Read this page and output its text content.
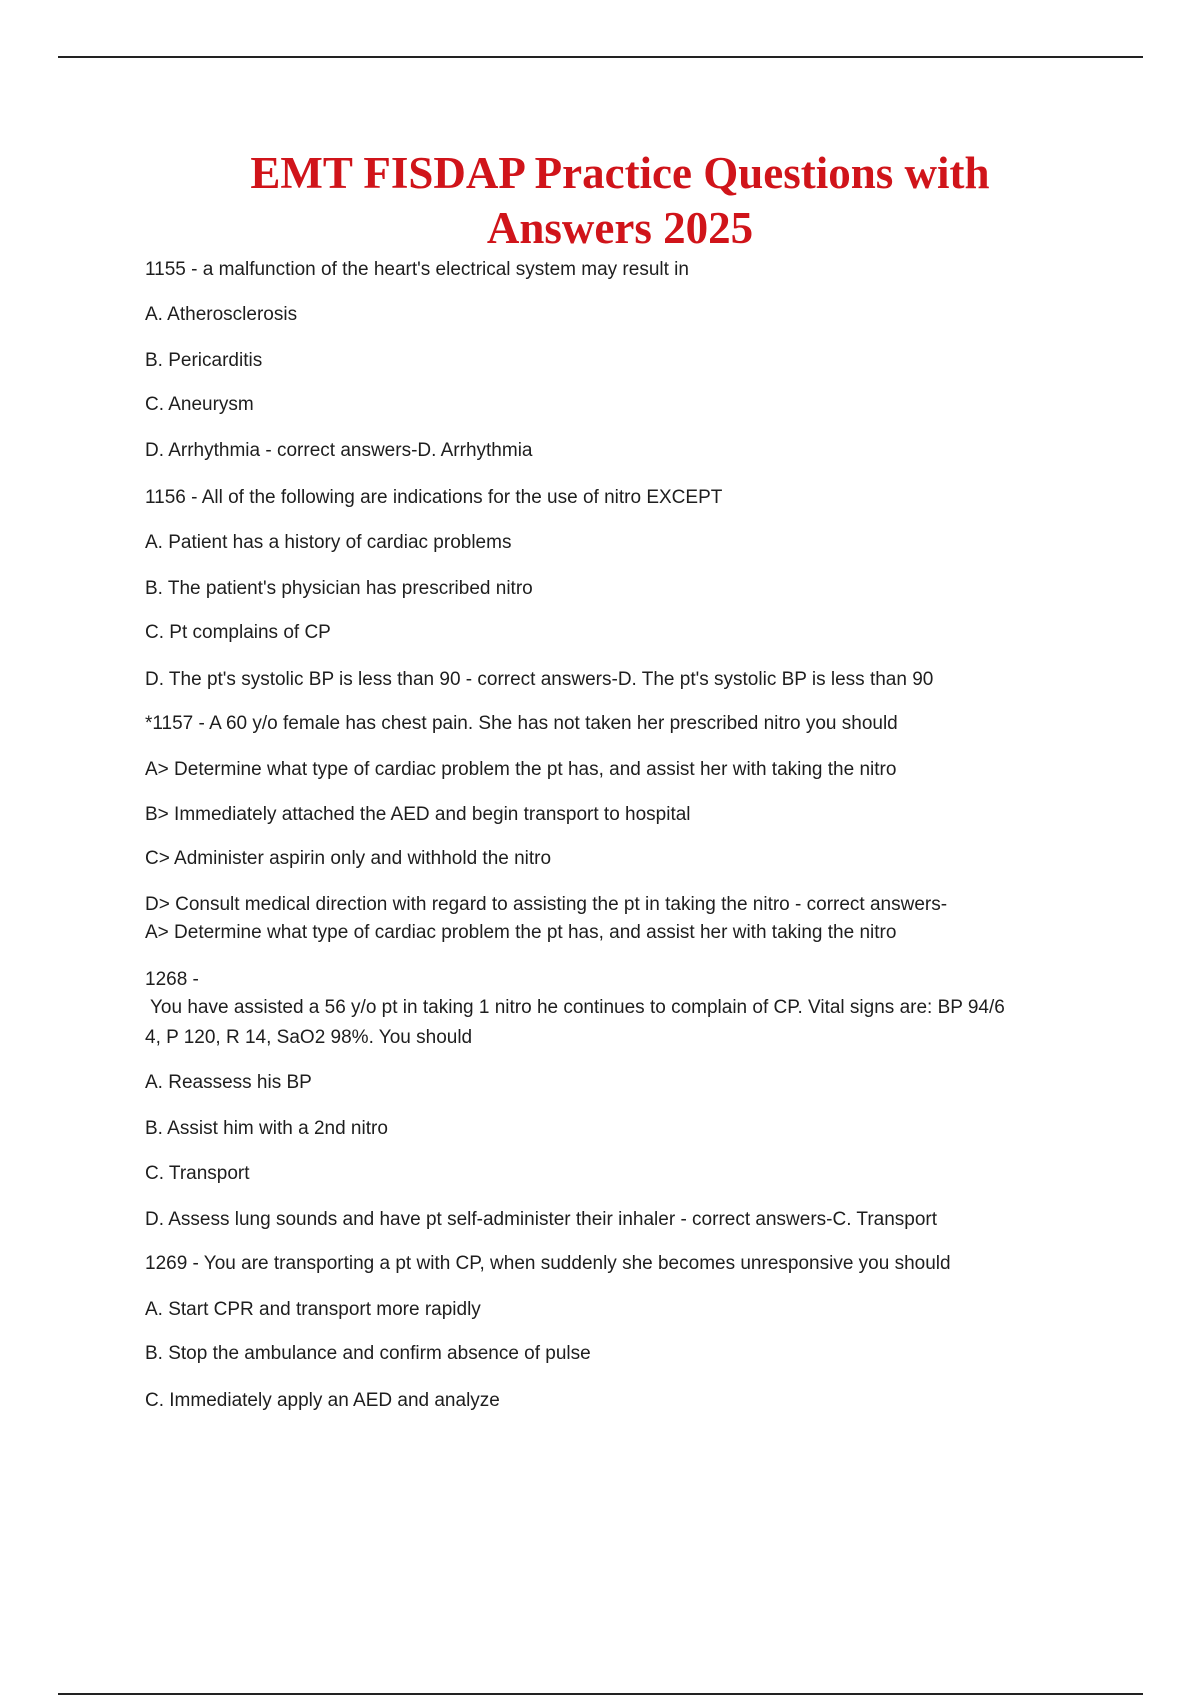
EMT FISDAP Practice Questions with
Answers 2025

1155 - a malfunction of the heart's electrical system may result in

A. Atherosclerosis

B. Pericarditis

C. Aneurysm

D. Arrhythmia - correct answers-D. Arrhythmia

1156 - All of the following are indications for the use of nitro EXCEPT

A. Patient has a history of cardiac problems

B. The patient's physician has prescribed nitro

C. Pt complains of CP

D. The pt's systolic BP is less than 90 - correct answers-D. The pt's systolic BP is less than 90

*1157 - A 60 y/o female has chest pain. She has not taken her prescribed nitro you should

A> Determine what type of cardiac problem the pt has, and assist her with taking the nitro

B> Immediately attached the AED and begin transport to hospital

C> Administer aspirin only and withhold the nitro

D> Consult medical direction with regard to assisting the pt in taking the nitro - correct answers-

A> Determine what type of cardiac problem the pt has, and assist her with taking the nitro

1268 -

You have assisted a 56 y/o pt in taking 1 nitro he continues to complain of CP. Vital signs are: BP 94/6

4, P 120, R 14, SaO2 98%. You should

A. Reassess his BP

B. Assist him with a 2nd nitro

C. Transport

D. Assess lung sounds and have pt self-administer their inhaler - correct answers-C. Transport

1269 - You are transporting a pt with CP, when suddenly she becomes unresponsive you should

A. Start CPR and transport more rapidly

B. Stop the ambulance and confirm absence of pulse

C. Immediately apply an AED and analyze
